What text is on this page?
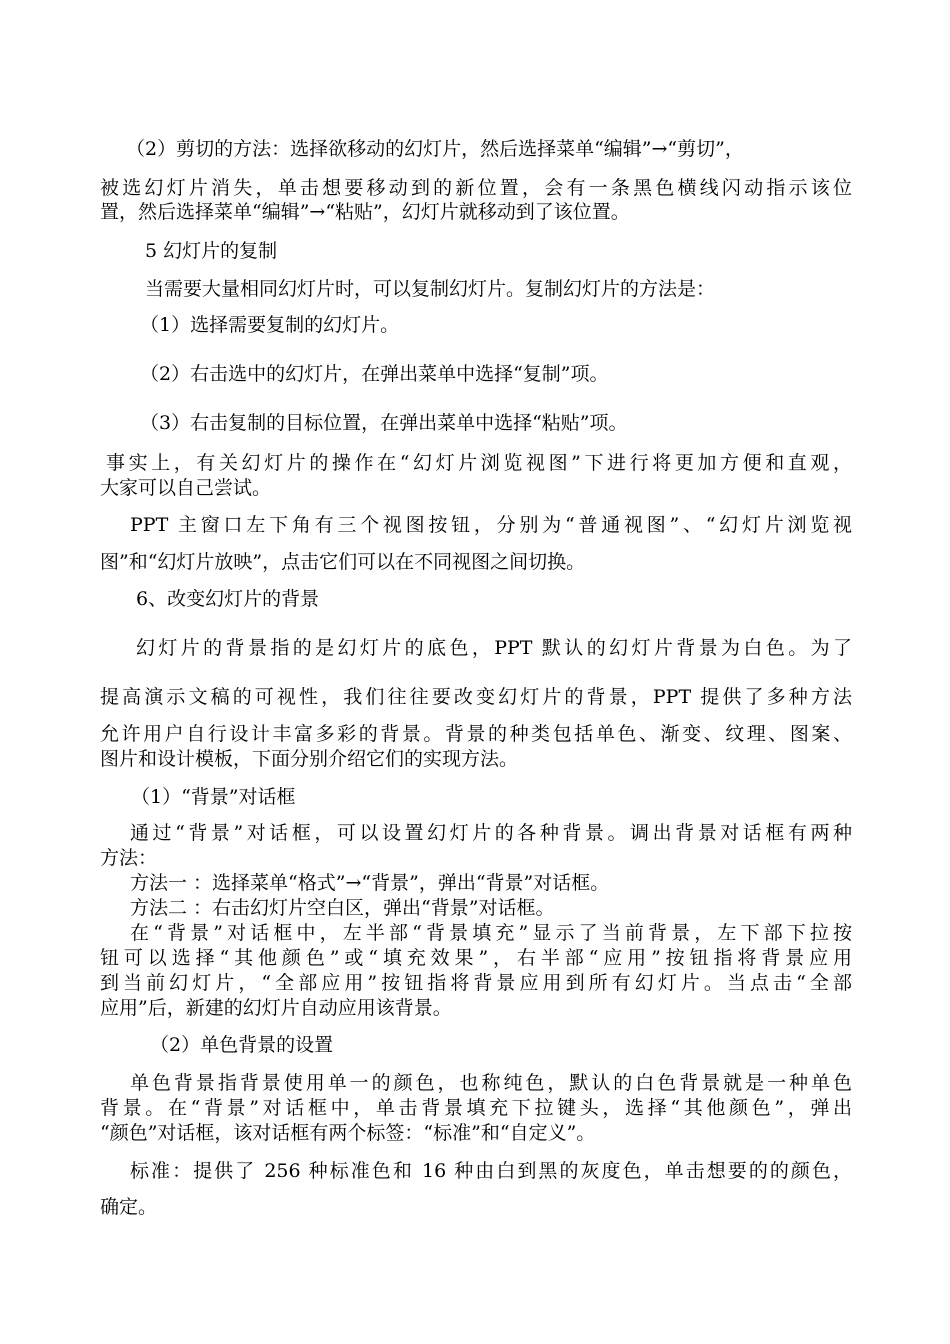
（2）剪切的方法：选择欲移动的幻灯片，然后选择菜单“编辑”→“剪切”，
被选幻灯片消失，单击想要移动到的新位置，会有一条黑色横线闪动指示该位
置，然后选择菜单“编辑”→“粘贴”，幻灯片就移动到了该位置。
5 幻灯片的复制
当需要大量相同幻灯片时，可以复制幻灯片。复制幻灯片的方法是：
（1）选择需要复制的幻灯片。
（2）右击选中的幻灯片，在弹出菜单中选择“复制”项。
（3）右击复制的目标位置，在弹出菜单中选择“粘贴”项。
事实上，有关幻灯片的操作在“幻灯片浏览视图”下进行将更加方便和直观，
大家可以自己尝试。
PPT 主窗口左下角有三个视图按钮，分别为“普通视图”、“幻灯片浏览视
图”和“幻灯片放映”，点击它们可以在不同视图之间切换。
6、改变幻灯片的背景
幻灯片的背景指的是幻灯片的底色，PPT 默认的幻灯片背景为白色。为了
提高演示文稿的可视性，我们往往要改变幻灯片的背景，PPT 提供了多种方法
允许用户自行设计丰富多彩的背景。背景的种类包括单色、渐变、纹理、图案、
图片和设计模板，下面分别介绍它们的实现方法。
（1）“背景”对话框
通过“背景”对话框，可以设置幻灯片的各种背景。调出背景对话框有两种
方法：
方法一 ：选择菜单“格式”→“背景”，弹出“背景”对话框。
方法二 ：右击幻灯片空白区，弹出“背景”对话框。
在“背景”对话框中，左半部“背景填充”显示了当前背景，左下部下拉按
钮可以选择“其他颜色”或“填充效果”，右半部“应用”按钮指将背景应用
到当前幻灯片，“全部应用”按钮指将背景应用到所有幻灯片。当点击“全部
应用”后，新建的幻灯片自动应用该背景。
（2）单色背景的设置
单色背景指背景使用单一的颜色，也称纯色，默认的白色背景就是一种单色
背景。在“背景”对话框中，单击背景填充下拉键头，选择“其他颜色”，弹出
“颜色”对话框，该对话框有两个标签：“标准”和“自定义”。
标准：提供了 256 种标准色和 16 种由白到黑的灰度色，单击想要的的颜色，
确定。
